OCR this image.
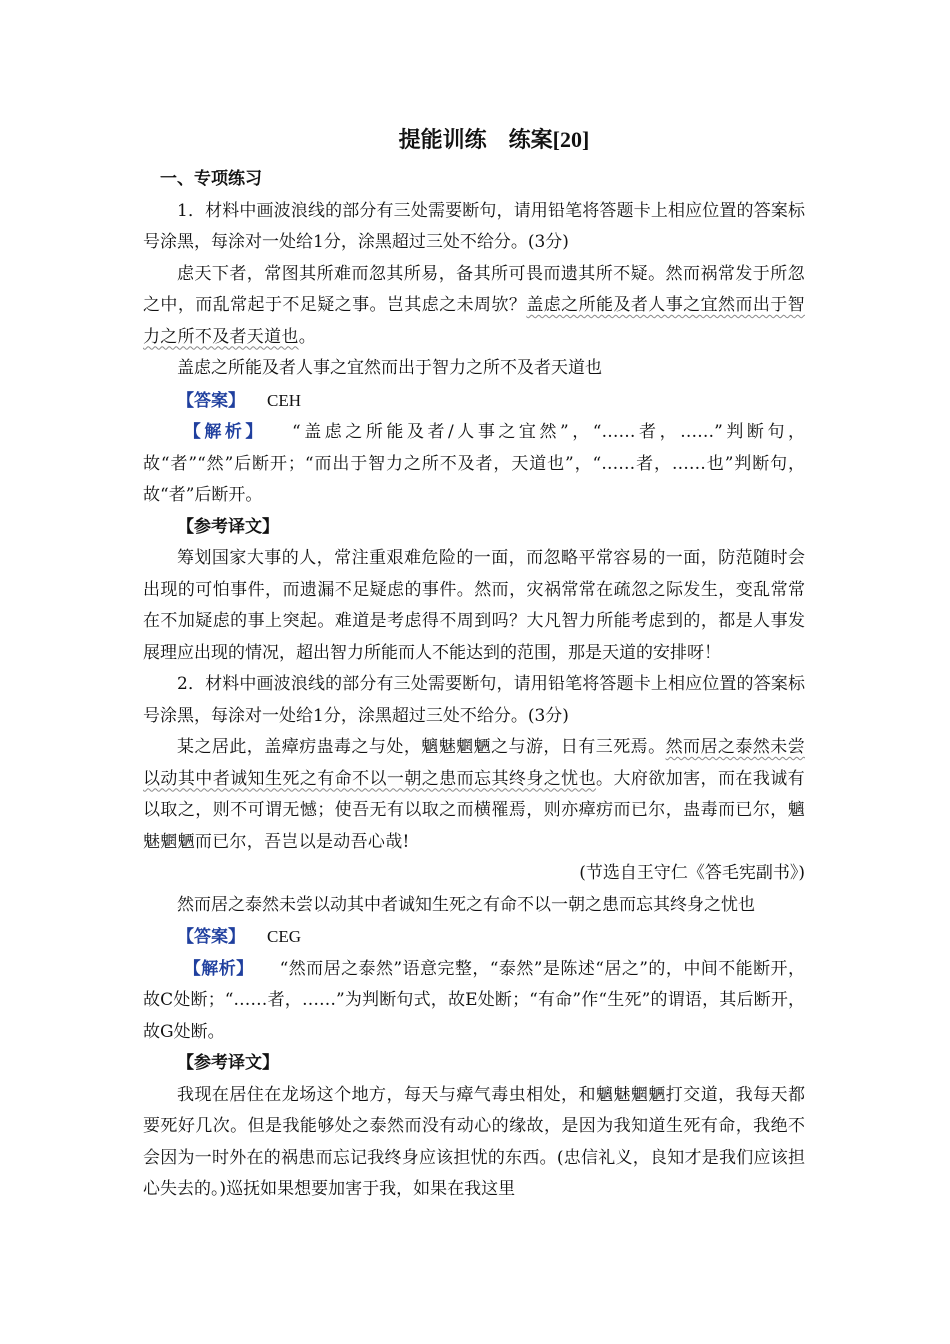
提能训练　练案[20]

一、专项练习

1．材料中画波浪线的部分有三处需要断句，请用铅笔将答题卡上相应位置的答案标号涂黑，每涂对一处给1分，涂黑超过三处不给分。(3分)

虑天下者，常图其所难而忽其所易，备其所可畏而遗其所不疑。然而祸常发于所忽之中，而乱常起于不足疑之事。岂其虑之未周欤？盖虑之所能及者人事之宜然而出于智力之所不及者天道也。

盖虑之所能及者人事之宜然而出于智力之所不及者天道也

【答案】 CEH

【解析】 “盖虑之所能及者/人事之宜然”，“……者，……”判断句，故“者”“然”后断开；“而出于智力之所不及者，天道也”，“……者，……也”判断句，故“者”后断开。

【参考译文】

筹划国家大事的人，常注重艰难危险的一面，而忽略平常容易的一面，防范随时会出现的可怕事件，而遗漏不足疑虑的事件。然而，灾祸常常在疏忽之际发生，变乱常常在不加疑虑的事上突起。难道是考虑得不周到吗？大凡智力所能考虑到的，都是人事发展理应出现的情况，超出智力所能而人不能达到的范围，那是天道的安排呀！

2．材料中画波浪线的部分有三处需要断句，请用铅笔将答题卡上相应位置的答案标号涂黑，每涂对一处给1分，涂黑超过三处不给分。(3分)

某之居此，盖瘴疠蛊毒之与处，魑魅魍魉之与游，日有三死焉。然而居之泰然未尝以动其中者诚知生死之有命不以一朝之患而忘其终身之忧也。大府欲加害，而在我诚有以取之，则不可谓无憾；使吾无有以取之而横罹焉，则亦瘴疠而已尔，蛊毒而已尔，魑魅魍魉而已尔，吾岂以是动吾心哉!

(节选自王守仁《答毛宪副书》)

然而居之泰然未尝以动其中者诚知生死之有命不以一朝之患而忘其终身之忧也

【答案】 CEG

【解析】 “然而居之泰然”语意完整，“泰然”是陈述“居之”的，中间不能断开，故C处断；“……者，……”为判断句式，故E处断；“有命”作“生死”的谓语，其后断开，故G处断。

【参考译文】

我现在居住在龙场这个地方，每天与瘴气毒虫相处，和魑魅魍魉打交道，我每天都要死好几次。但是我能够处之泰然而没有动心的缘故，是因为我知道生死有命，我绝不会因为一时外在的祸患而忘记我终身应该担忧的东西。(忠信礼义，良知才是我们应该担心失去的。)巡抚如果想要加害于我，如果在我这里
